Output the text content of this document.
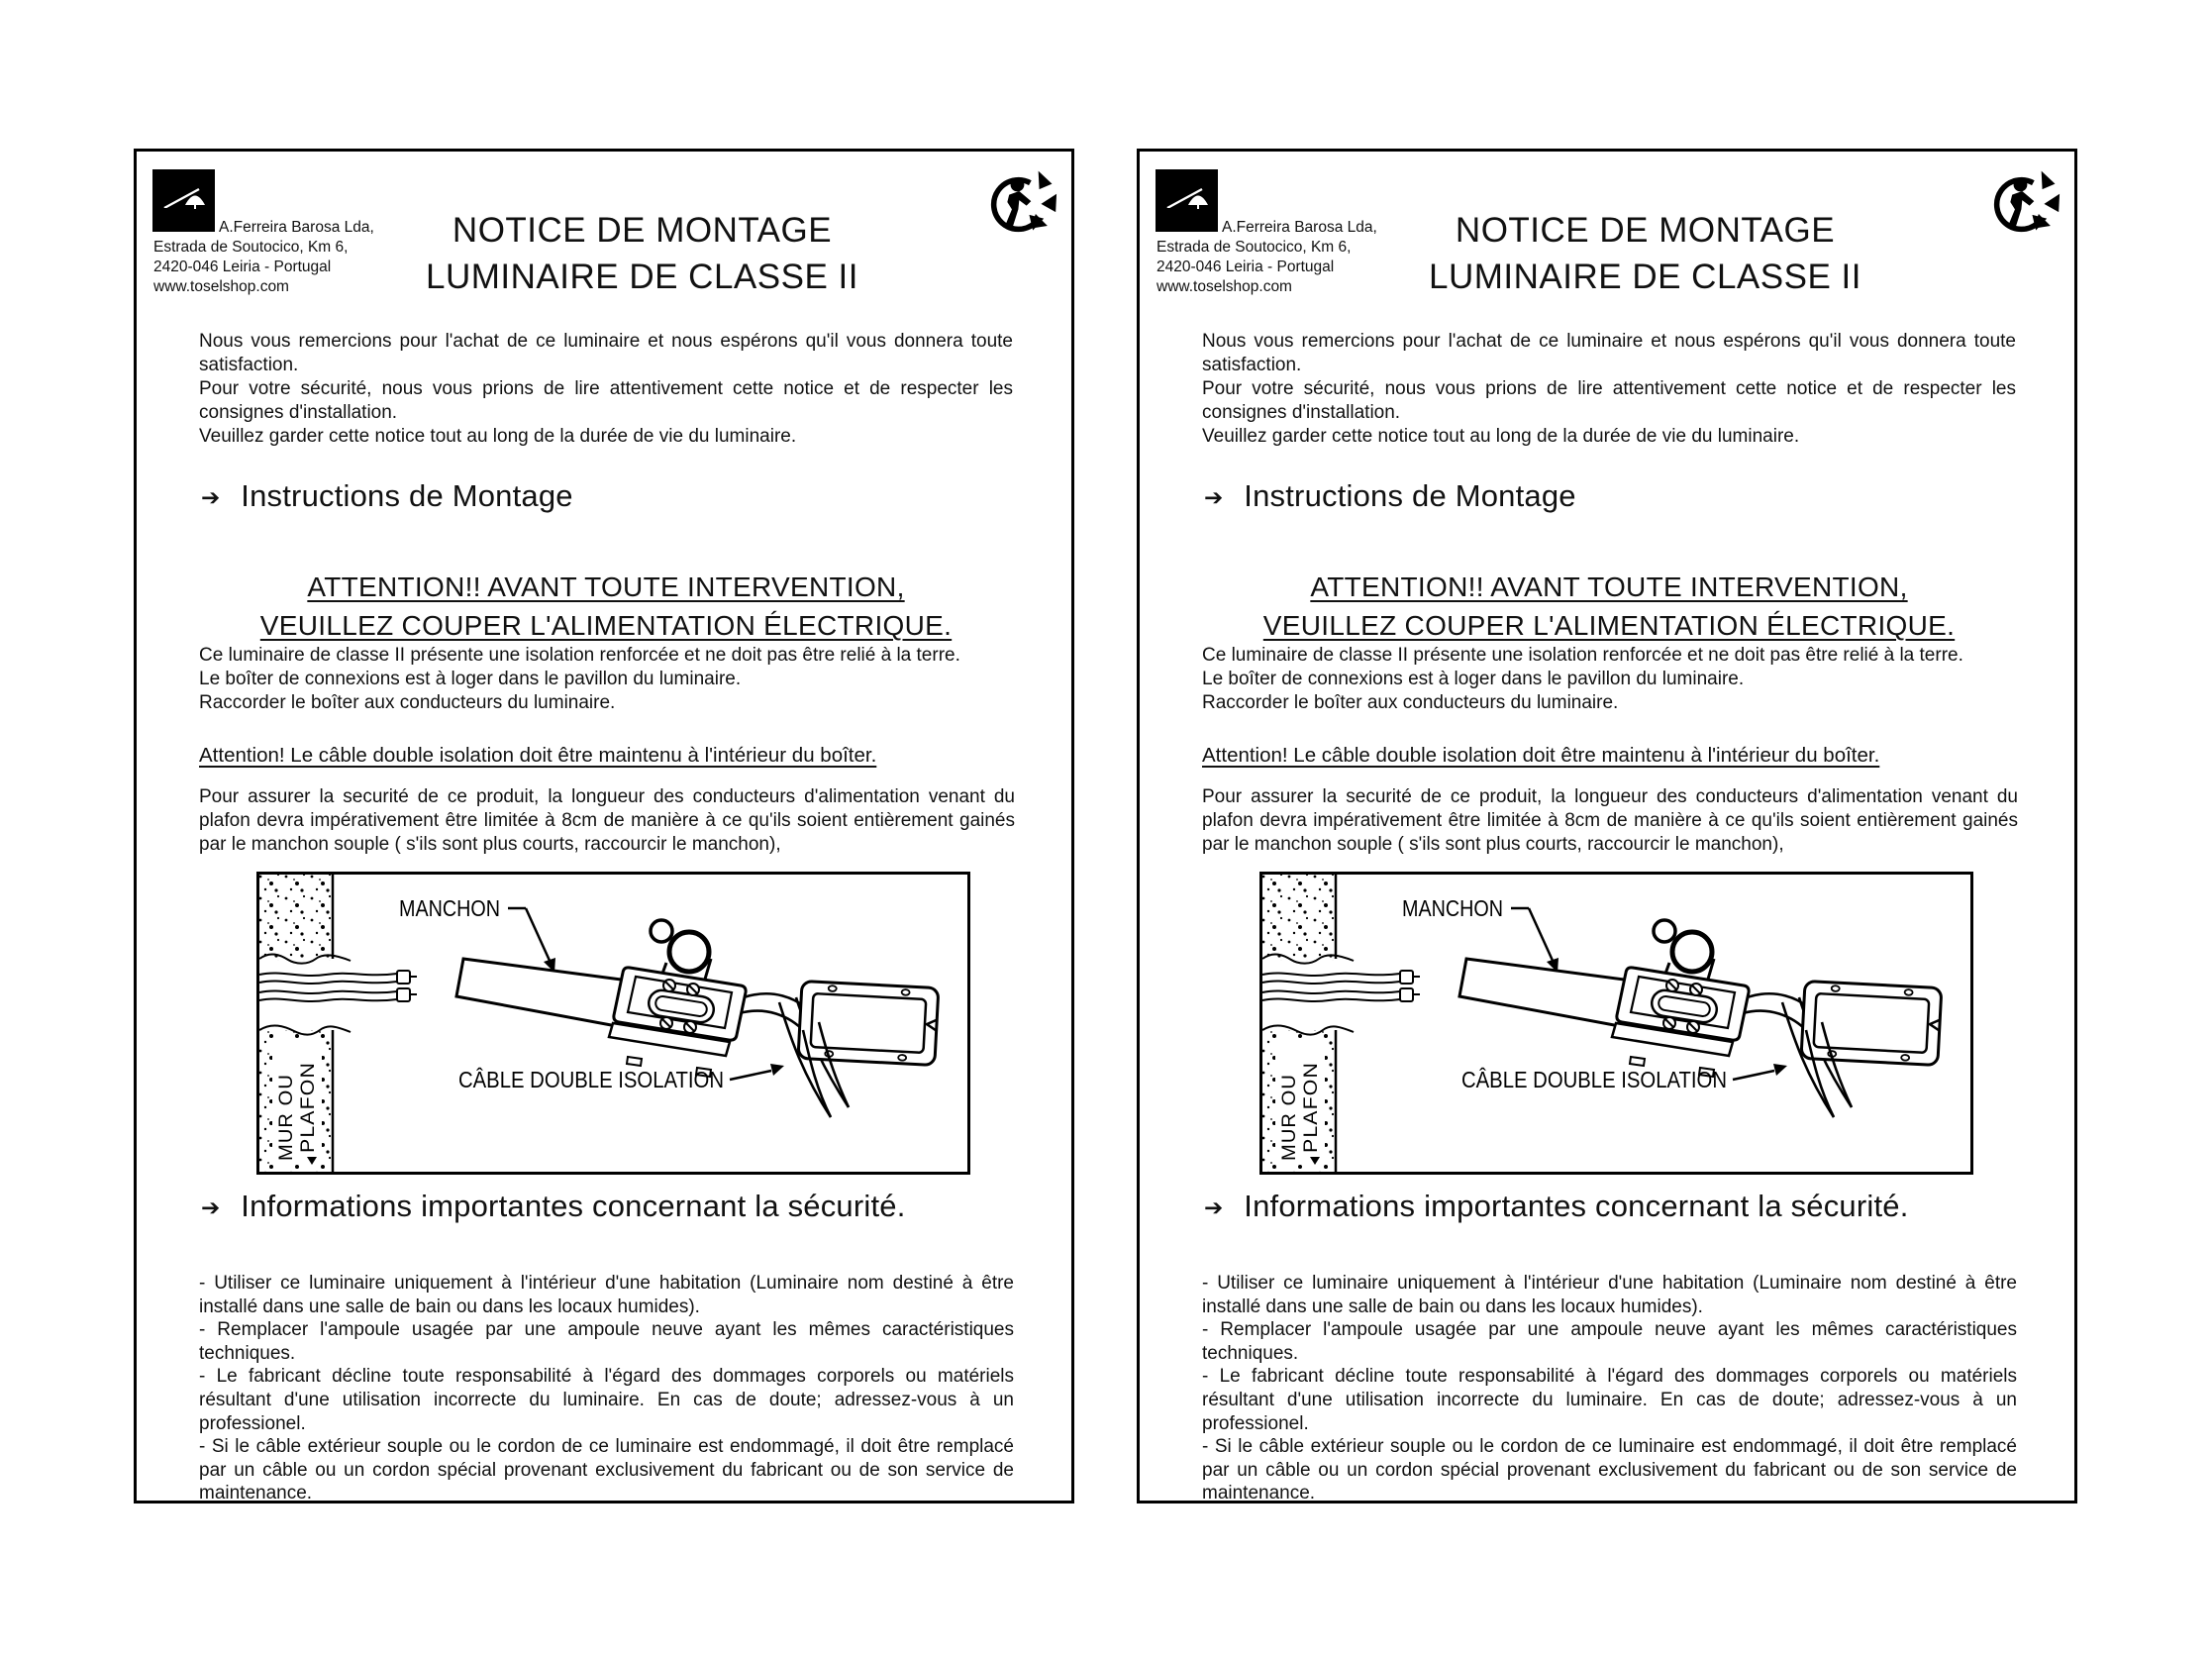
Tosel
A.Ferreira Barosa Lda,
Estrada de Soutocico, Km 6,
2420-046 Leiria - Portugal
www.toselshop.com
NOTICE DE MONTAGE
LUMINAIRE DE CLASSE II

Nous vous remercions pour l'achat de ce luminaire et nous espérons qu'il vous donnera toute satisfaction.

Pour votre sécurité, nous vous prions de lire attentivement cette notice et de respecter les consignes d'installation.

Veuillez garder cette notice tout au long de la durée de vie du luminaire.

➔ Instructions de Montage
ATTENTION!! AVANT TOUTE INTERVENTION,
VEUILLEZ COUPER L'ALIMENTATION ÉLECTRIQUE.
Ce luminaire de classe II présente une isolation renforcée et ne doit pas être relié à la terre.
Le boîter de connexions est à loger dans le pavillon du luminaire.
Raccorder le boîter aux conducteurs du luminaire.
Attention! Le câble double isolation doit être maintenu à l'intérieur du boîter.

Pour assurer la securité de ce produit, la longueur des conducteurs d'alimentation venant du plafon devra impérativement être limitée à 8cm de manière à ce qu'ils soient entièrement gainés par le manchon souple ( s'ils sont plus courts, raccourcir le manchon),

MUR OU PLAFON
MANCHON
CÂBLE DOUBLE ISOLATION
➔ Informations importantes concernant la sécurité.
- Utiliser ce luminaire uniquement à l'intérieur d'une habitation (Luminaire nom destiné à être installé dans une salle de bain ou dans les locaux humides).
- Remplacer l'ampoule usagée par une ampoule neuve ayant les mêmes caractéristiques techniques.
- Le fabricant décline toute responsabilité à l'égard des dommages corporels ou matériels résultant d'une utilisation incorrecte du luminaire. En cas de doute; adressez-vous à un professionel.
- Si le câble extérieur souple ou le cordon de ce luminaire est endommagé, il doit être remplacé par un câble ou un cordon spécial provenant exclusivement du fabricant ou de son service de maintenance.
Tosel
A.Ferreira Barosa Lda,
Estrada de Soutocico, Km 6,
2420-046 Leiria - Portugal
www.toselshop.com
NOTICE DE MONTAGE
LUMINAIRE DE CLASSE II

Nous vous remercions pour l'achat de ce luminaire et nous espérons qu'il vous donnera toute satisfaction.

Pour votre sécurité, nous vous prions de lire attentivement cette notice et de respecter les consignes d'installation.

Veuillez garder cette notice tout au long de la durée de vie du luminaire.

➔ Instructions de Montage
ATTENTION!! AVANT TOUTE INTERVENTION,
VEUILLEZ COUPER L'ALIMENTATION ÉLECTRIQUE.
Ce luminaire de classe II présente une isolation renforcée et ne doit pas être relié à la terre.
Le boîter de connexions est à loger dans le pavillon du luminaire.
Raccorder le boîter aux conducteurs du luminaire.
Attention! Le câble double isolation doit être maintenu à l'intérieur du boîter.

Pour assurer la securité de ce produit, la longueur des conducteurs d'alimentation venant du plafon devra impérativement être limitée à 8cm de manière à ce qu'ils soient entièrement gainés par le manchon souple ( s'ils sont plus courts, raccourcir le manchon),

MUR OU PLAFON
MANCHON
CÂBLE DOUBLE ISOLATION
➔ Informations importantes concernant la sécurité.
- Utiliser ce luminaire uniquement à l'intérieur d'une habitation (Luminaire nom destiné à être installé dans une salle de bain ou dans les locaux humides).
- Remplacer l'ampoule usagée par une ampoule neuve ayant les mêmes caractéristiques techniques.
- Le fabricant décline toute responsabilité à l'égard des dommages corporels ou matériels résultant d'une utilisation incorrecte du luminaire. En cas de doute; adressez-vous à un professionel.
- Si le câble extérieur souple ou le cordon de ce luminaire est endommagé, il doit être remplacé par un câble ou un cordon spécial provenant exclusivement du fabricant ou de son service de maintenance.
